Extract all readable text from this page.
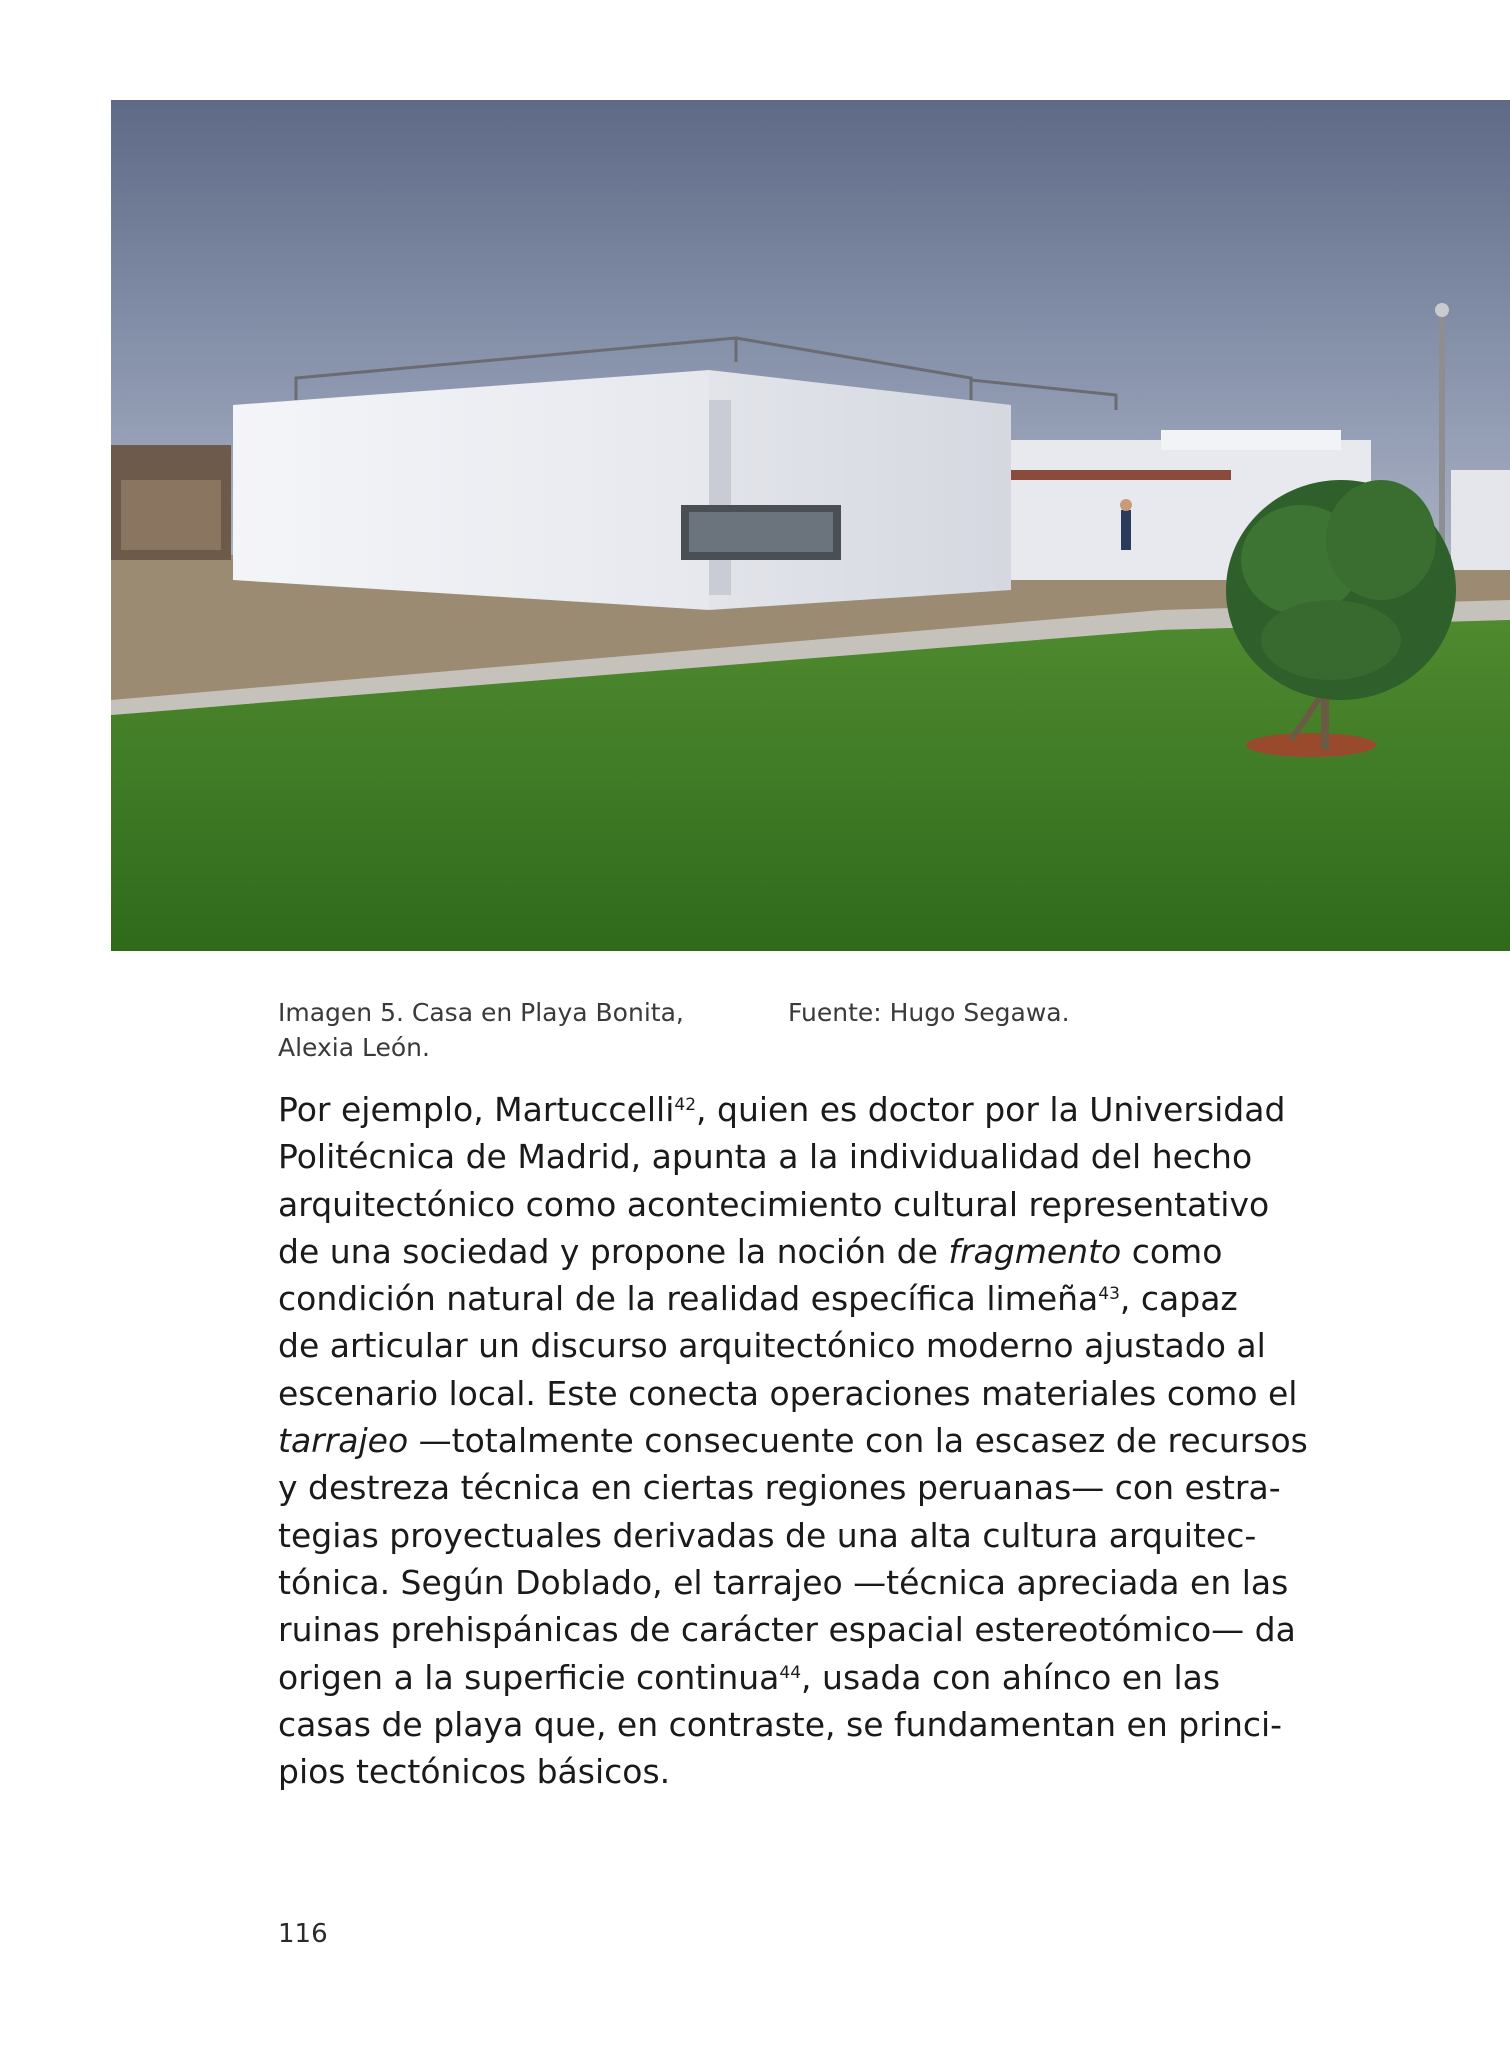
Imagen 5. Casa en Playa Bonita,
Alexia León.
Fuente: Hugo Segawa.
Por ejemplo, Martuccelli$^{42}$, quien es doctor por la Universidad
Politécnica de Madrid, apunta a la individualidad del hecho
arquitectónico como acontecimiento cultural representativo
de una sociedad y propone la noción de fragmento como
condición natural de la realidad específica limeña$^{43}$, capaz
de articular un discurso arquitectónico moderno ajustado al
escenario local. Este conecta operaciones materiales como el
tarrajeo —totalmente consecuente con la escasez de recursos
y destreza técnica en ciertas regiones peruanas— con estra-
tegias proyectuales derivadas de una alta cultura arquitec-
tónica. Según Doblado, el tarrajeo —técnica apreciada en las
ruinas prehispánicas de carácter espacial estereotómico— da
origen a la superficie continua$^{44}$, usada con ahínco en las
casas de playa que, en contraste, se fundamentan en princi-
pios tectónicos básicos.
116
